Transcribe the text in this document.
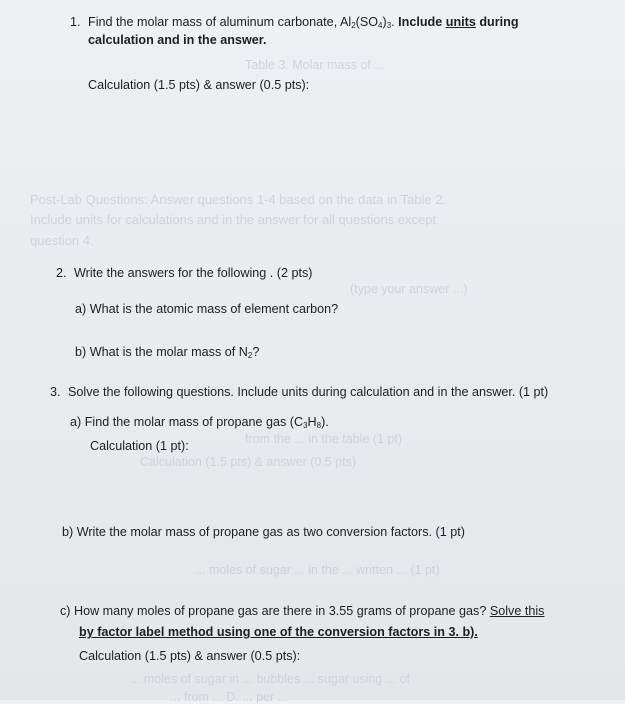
Table 3. Molar mass of ...
Post-Lab Questions: Answer questions 1-4 based on the data in Table 2.
Include units for calculations and in the answer for all questions except
question 4.
(type your answer ...)
from the ... in the table (1 pt)
Calculation (1.5 pts) & answer (0.5 pts)
... moles of sugar ... in the ... written ... (1 pt)
... moles of sugar in ... bubbles ... sugar using ... of
... from ... D. ... per ...
1. Find the molar mass of aluminum carbonate, $Al_2(SO_4)_3$. Include units during
calculation and in the answer.
Calculation (1.5 pts) & answer (0.5 pts):
2. Write the answers for the following . (2 pts)
a) What is the atomic mass of element carbon?
b) What is the molar mass of $N_2$?
3. Solve the following questions. Include units during calculation and in the answer. (1 pt)
a) Find the molar mass of propane gas $(C_3H_8)$.
Calculation (1 pt):
b) Write the molar mass of propane gas as two conversion factors. (1 pt)
c) How many moles of propane gas are there in 3.55 grams of propane gas? Solve this
by factor label method using one of the conversion factors in 3. b).
Calculation (1.5 pts) & answer (0.5 pts):
